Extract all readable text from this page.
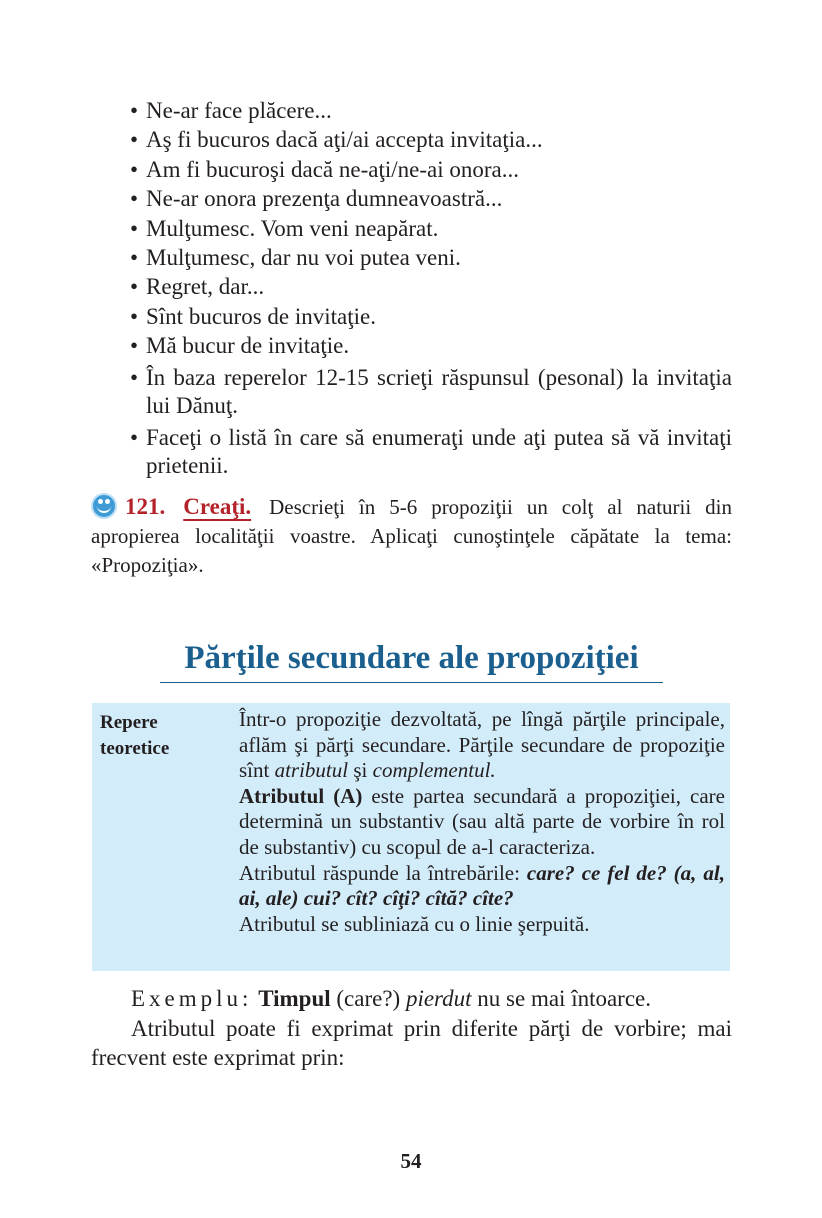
• Ne-ar face plăcere...
• Aş fi bucuros dacă aţi/ai accepta invitaţia...
• Am fi bucuroşi dacă ne-aţi/ne-ai onora...
• Ne-ar onora prezenţa dumneavoastră...
• Mulţumesc. Vom veni neapărat.
• Mulţumesc, dar nu voi putea veni.
• Regret, dar...
• Sînt bucuros de invitaţie.
• Mă bucur de invitaţie.
• În baza reperelor 12-15 scrieţi răspunsul (pesonal) la invitaţia lui Dănuţ.
• Faceţi o listă în care să enumeraţi unde aţi putea să vă invitaţi prietenii.
121. Creaţi. Descrieţi în 5-6 propoziţii un colţ al naturii din apropierea localităţii voastre. Aplicaţi cunoştinţele căpătate la tema: «Propoziţia».
Părţile secundare ale propoziţiei
Repere
teoretice

Într-o propoziţie dezvoltată, pe lîngă părţile principale, aflăm şi părţi secundare. Părţile secundare de propoziţie sînt atributul şi complementul.

Atributul (A) este partea secundară a propoziţiei, care determină un substantiv (sau altă parte de vorbire în rol de substantiv) cu scopul de a-l caracteriza.

Atributul răspunde la întrebările: care? ce fel de? (a, al, ai, ale) cui? cît? cîţi? cîtă? cîte?

Atributul se subliniază cu o linie şerpuită.

Exemplu: Timpul (care?) pierdut nu se mai întoarce.

Atributul poate fi exprimat prin diferite părţi de vorbire; mai frecvent este exprimat prin:

54
